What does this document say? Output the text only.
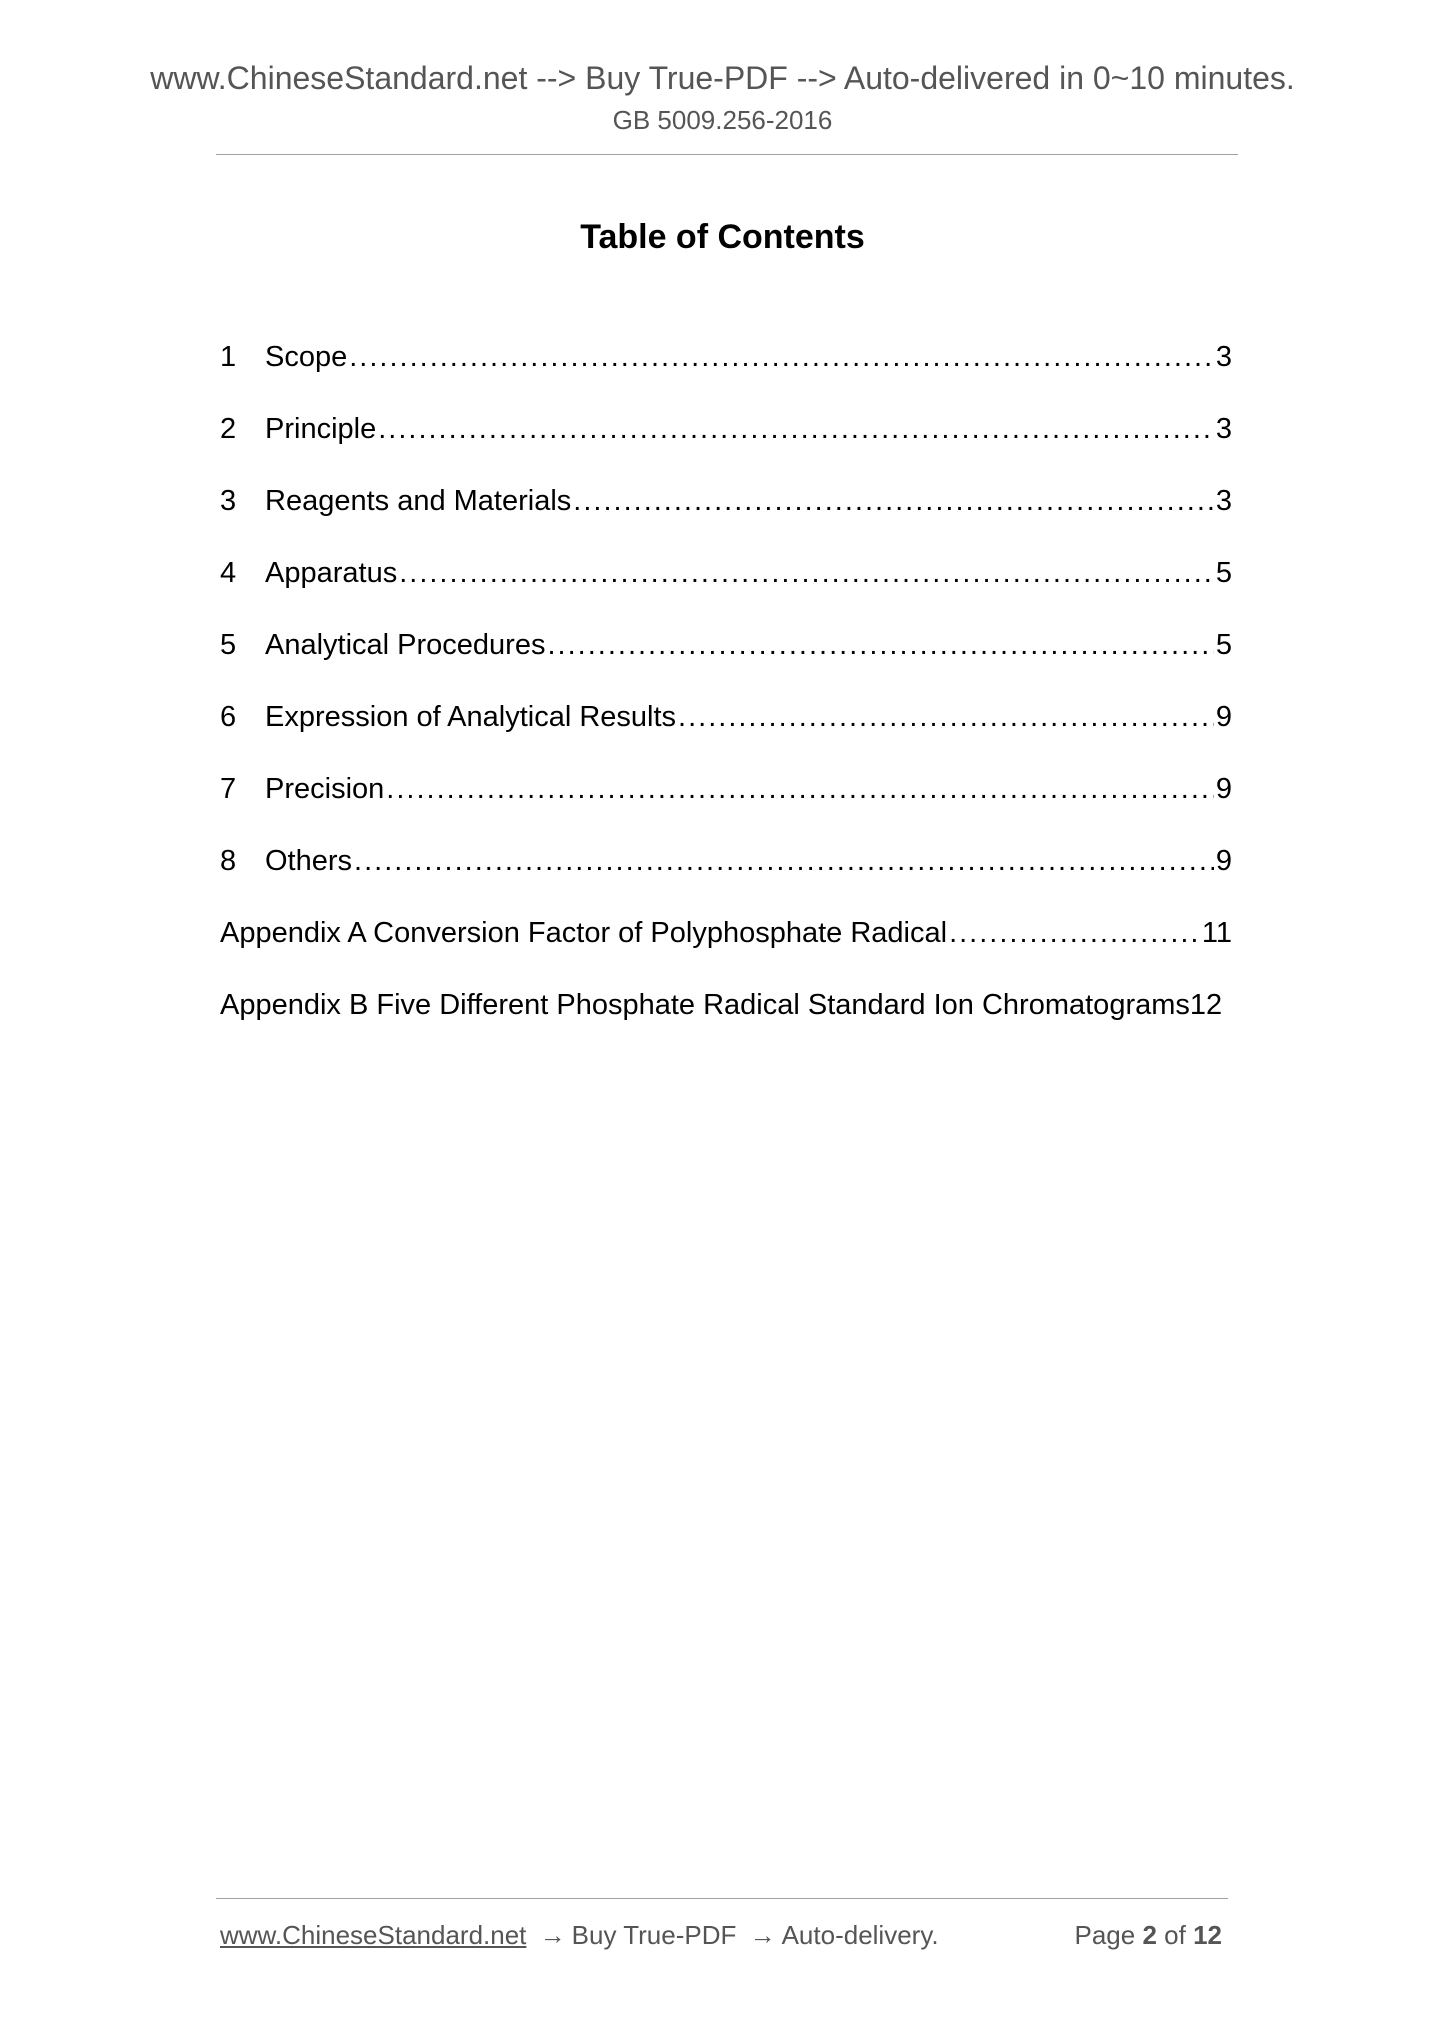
www.ChineseStandard.net --> Buy True-PDF --> Auto-delivered in 0~10 minutes.
GB 5009.256-2016
Table of Contents
1 Scope .....	3
2 Principle .....	3
3 Reagents and Materials .....	3
4 Apparatus .....	5
5 Analytical Procedures .....	5
6 Expression of Analytical Results .....	9
7 Precision .....	9
8 Others .....	9
Appendix A Conversion Factor of Polyphosphate Radical .....	11
Appendix B Five Different Phosphate Radical Standard Ion Chromatograms 12
www.ChineseStandard.net → Buy True-PDF → Auto-delivery.	Page 2 of 12
